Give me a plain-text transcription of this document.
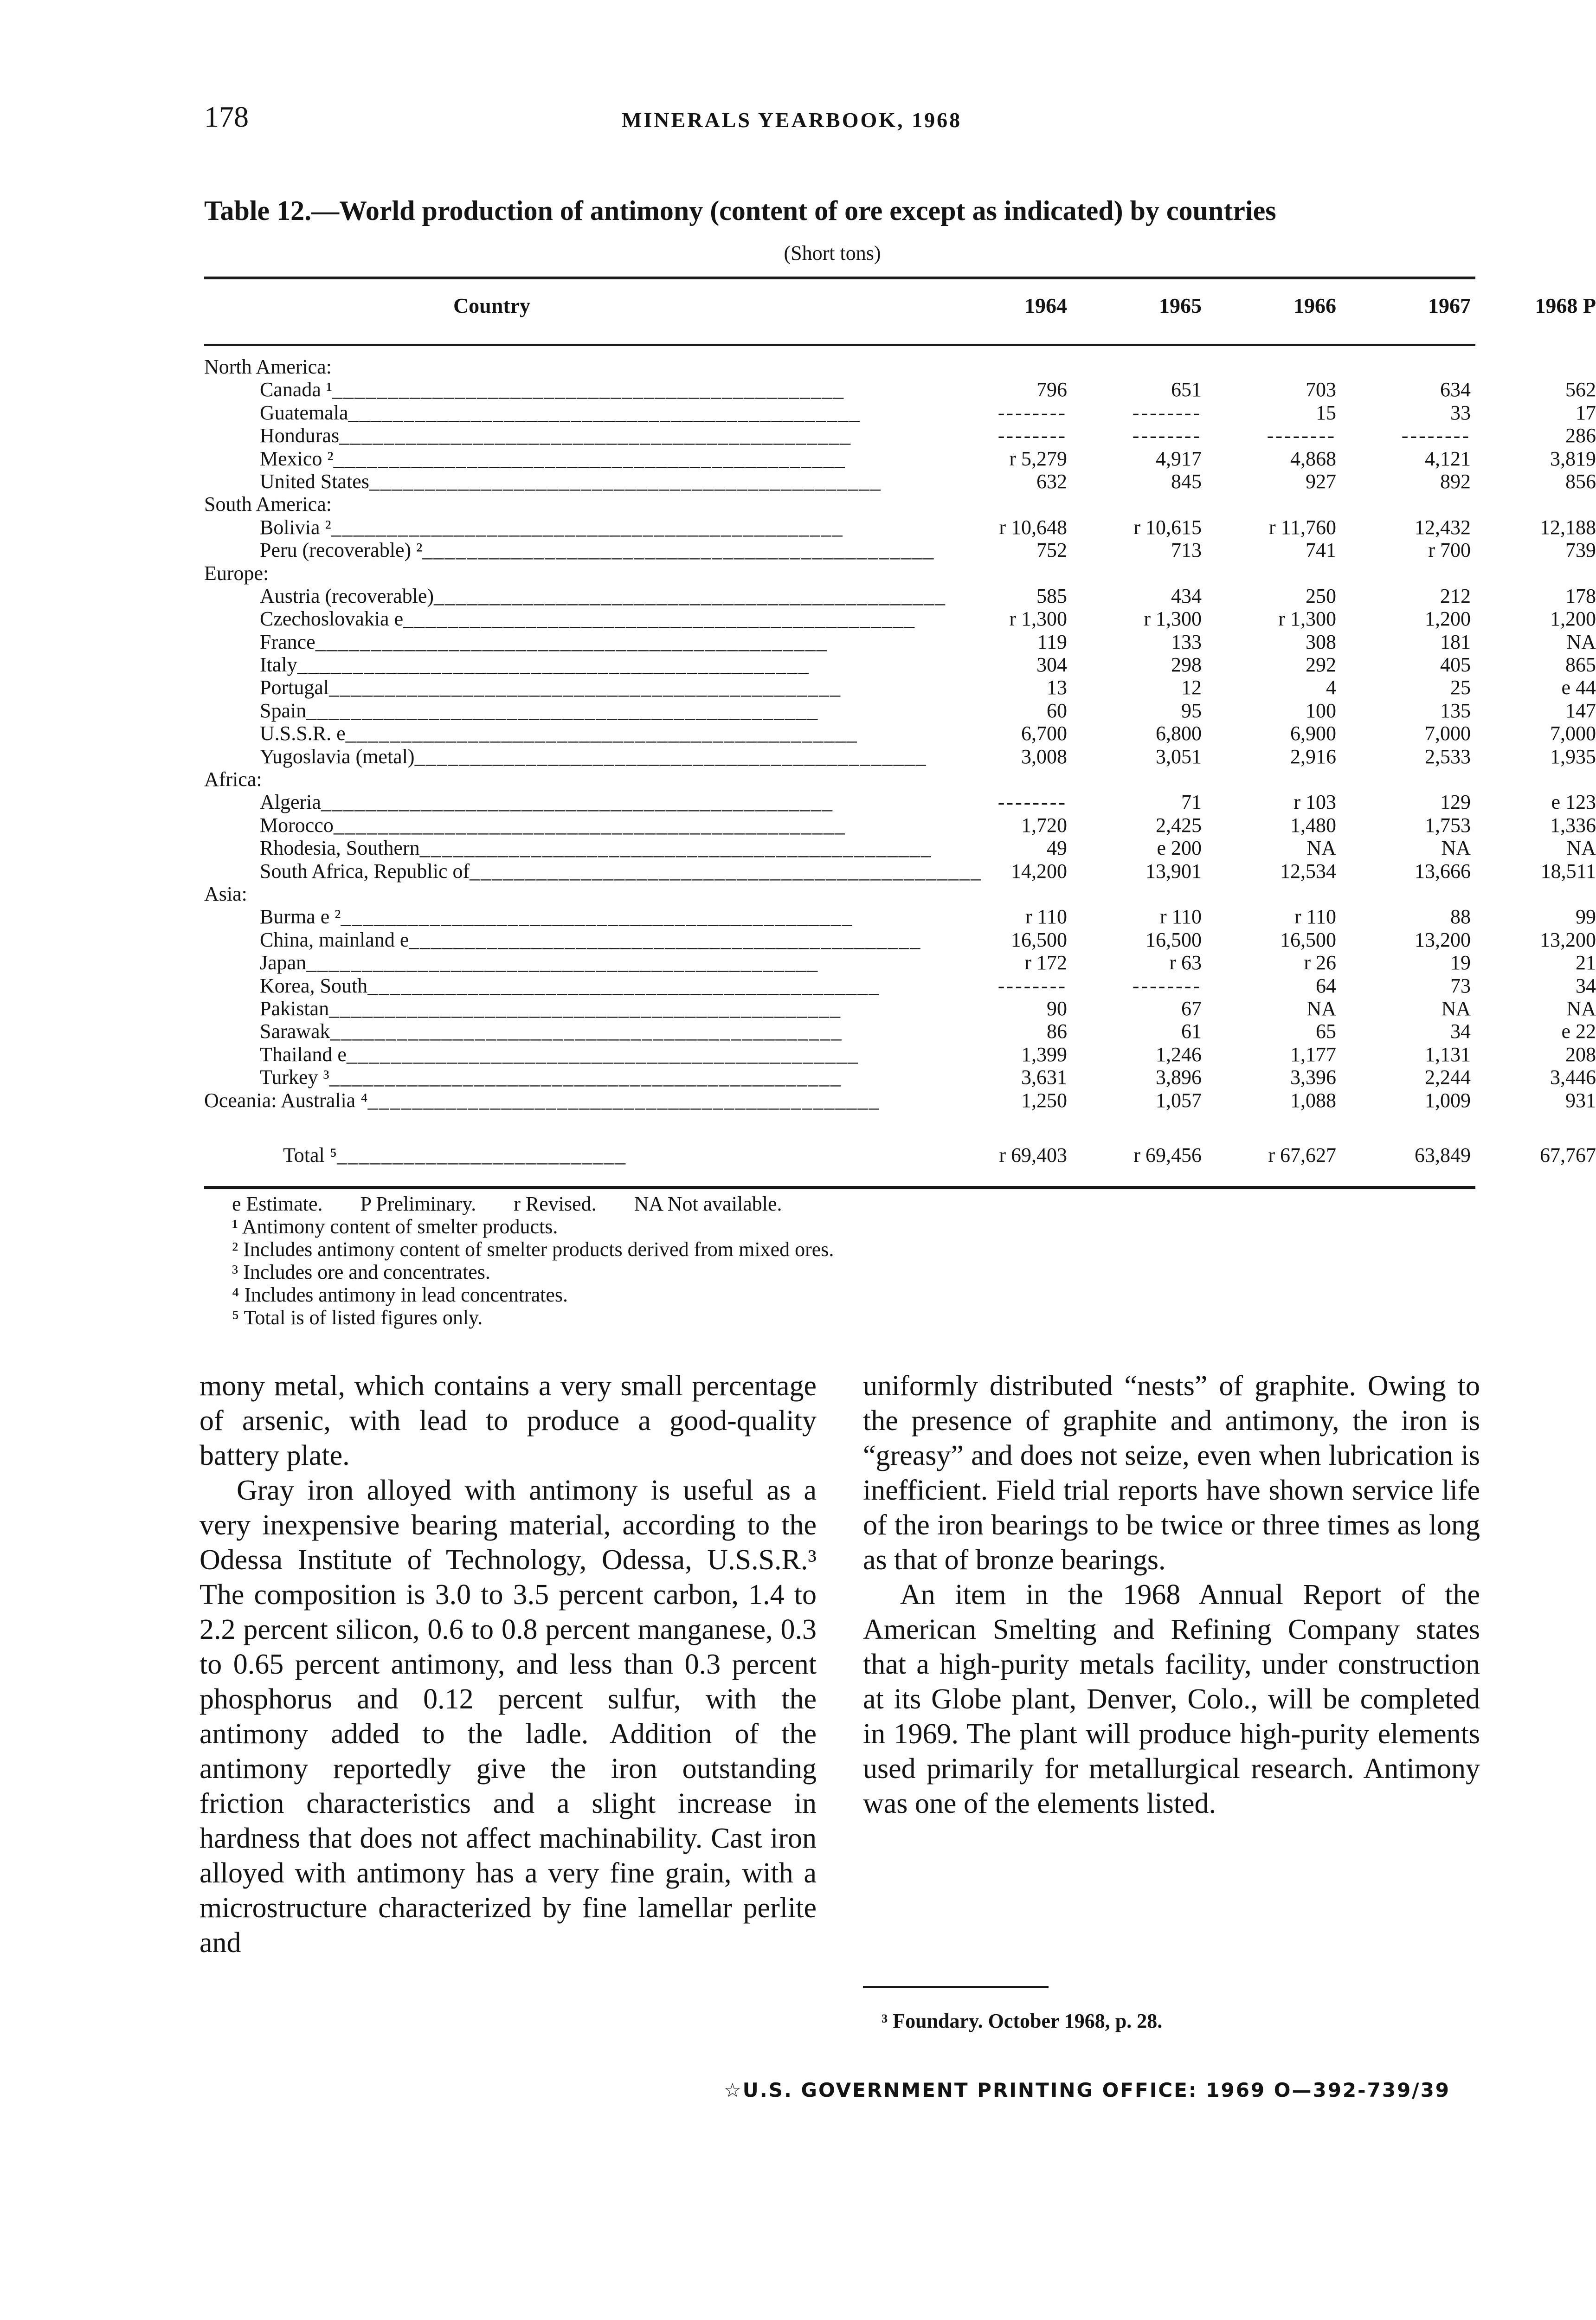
178	MINERALS YEARBOOK, 1968
Table 12.—World production of antimony (content of ore except as indicated) by countries
(Short tons)
Country	1964	1965	1966	1967	1968 P
North America:
Canada ¹______________________________________________	796	651	703	634	562
Guatemala______________________________________________	--------	--------	15	33	17
Honduras______________________________________________	--------	--------	--------	--------	286
Mexico ²______________________________________________	r 5,279	4,917	4,868	4,121	3,819
United States______________________________________________	632	845	927	892	856
South America:
Bolivia ²______________________________________________	r 10,648	r 10,615	r 11,760	12,432	12,188
Peru (recoverable) ²______________________________________________	752	713	741	r 700	739
Europe:
Austria (recoverable)______________________________________________	585	434	250	212	178
Czechoslovakia e______________________________________________	r 1,300	r 1,300	r 1,300	1,200	1,200
France______________________________________________	119	133	308	181	NA
Italy______________________________________________	304	298	292	405	865
Portugal______________________________________________	13	12	4	25	e 44
Spain______________________________________________	60	95	100	135	147
U.S.S.R. e______________________________________________	6,700	6,800	6,900	7,000	7,000
Yugoslavia (metal)______________________________________________	3,008	3,051	2,916	2,533	1,935
Africa:
Algeria______________________________________________	--------	71	r 103	129	e 123
Morocco______________________________________________	1,720	2,425	1,480	1,753	1,336
Rhodesia, Southern______________________________________________	49	e 200	NA	NA	NA
South Africa, Republic of______________________________________________	14,200	13,901	12,534	13,666	18,511
Asia:
Burma e ²______________________________________________	r 110	r 110	r 110	88	99
China, mainland e______________________________________________	16,500	16,500	16,500	13,200	13,200
Japan______________________________________________	r 172	r 63	r 26	19	21
Korea, South______________________________________________	--------	--------	64	73	34
Pakistan______________________________________________	90	67	NA	NA	NA
Sarawak______________________________________________	86	61	65	34	e 22
Thailand e______________________________________________	1,399	1,246	1,177	1,131	208
Turkey ³______________________________________________	3,631	3,896	3,396	2,244	3,446
Oceania: Australia ⁴______________________________________________	1,250	1,057	1,088	1,009	931
Total ⁵__________________________	r 69,403	r 69,456	r 67,627	63,849	67,767
e Estimate. P Preliminary. r Revised. NA Not available.
¹ Antimony content of smelter products.
² Includes antimony content of smelter products derived from mixed ores.
³ Includes ore and concentrates.
⁴ Includes antimony in lead concentrates.
⁵ Total is of listed figures only.

mony metal, which contains a very small percentage of arsenic, with lead to produce a good-quality battery plate.

Gray iron alloyed with antimony is useful as a very inexpensive bearing material, according to the Odessa Institute of Technology, Odessa, U.S.S.R.³ The composition is 3.0 to 3.5 percent carbon, 1.4 to 2.2 percent silicon, 0.6 to 0.8 percent manganese, 0.3 to 0.65 percent antimony, and less than 0.3 percent phosphorus and 0.12 percent sulfur, with the antimony added to the ladle. Addition of the antimony reportedly give the iron outstanding friction characteristics and a slight increase in hardness that does not affect machinability. Cast iron alloyed with antimony has a very fine grain, with a microstructure characterized by fine lamellar perlite and

uniformly distributed “nests” of graphite. Owing to the presence of graphite and antimony, the iron is “greasy” and does not seize, even when lubrication is inefficient. Field trial reports have shown service life of the iron bearings to be twice or three times as long as that of bronze bearings.

An item in the 1968 Annual Report of the American Smelting and Refining Company states that a high-purity metals facility, under construction at its Globe plant, Denver, Colo., will be completed in 1969. The plant will produce high-purity elements used primarily for metallurgical research. Antimony was one of the elements listed.

³ Foundary. October 1968, p. 28.
☆U.S. GOVERNMENT PRINTING OFFICE: 1969 O—392-739/39
